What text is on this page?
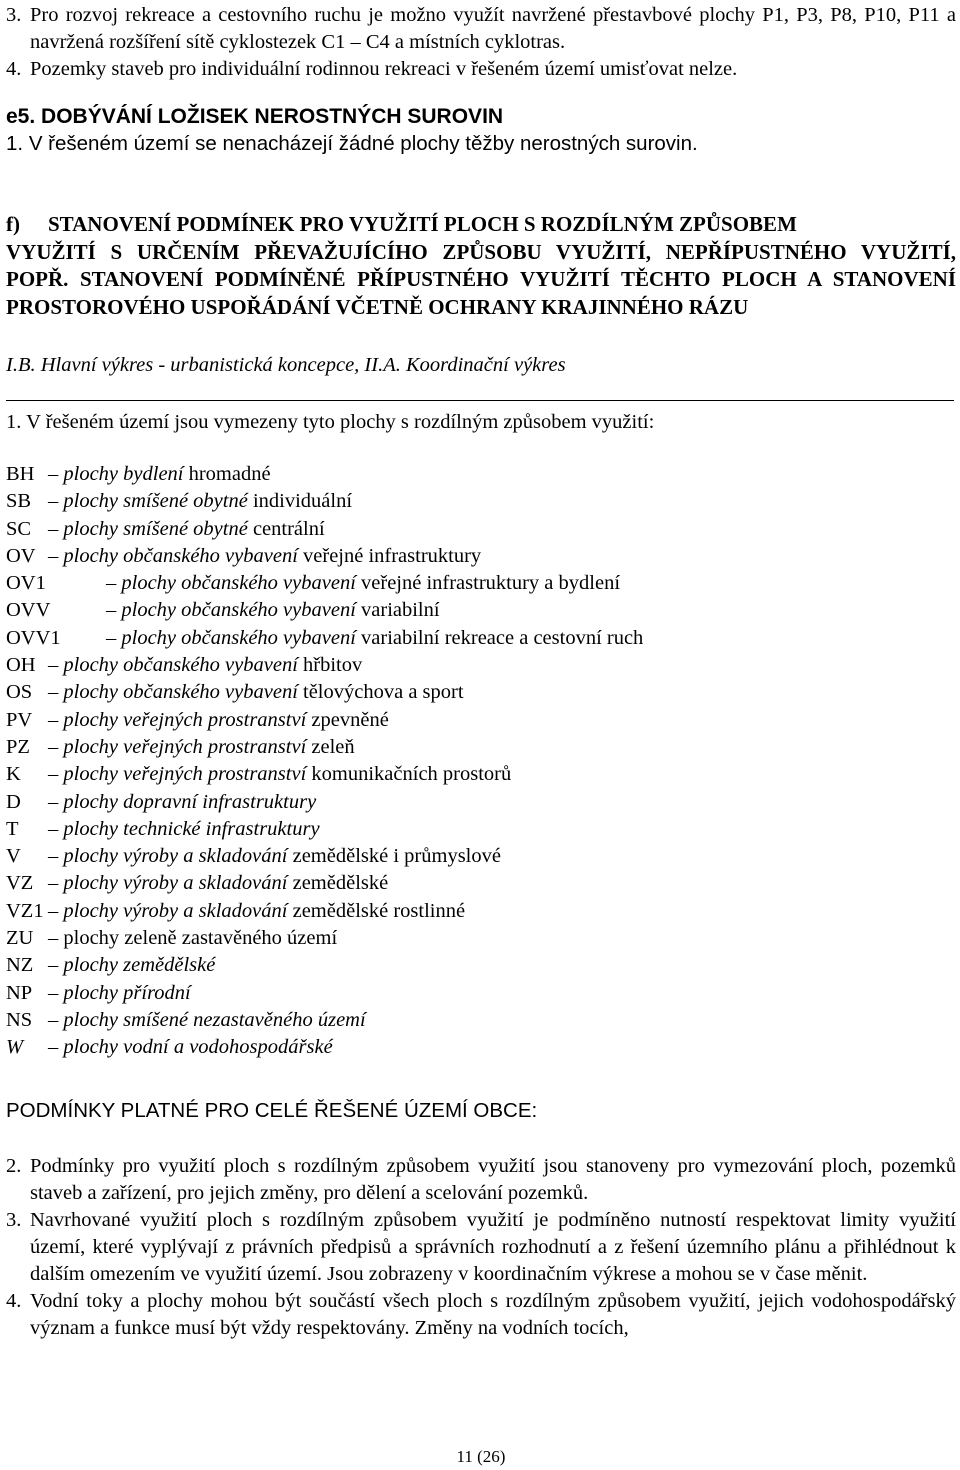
3. Pro rozvoj rekreace a cestovního ruchu je možno využít navržené přestavbové plochy P1, P3, P8, P10, P11 a navržená rozšíření sítě cyklostezek C1 – C4 a místních cyklotras.
4. Pozemky staveb pro individuální rodinnou rekreaci v řešeném území umisťovat nelze.
e5. DOBÝVÁNÍ LOŽISEK NEROSTNÝCH SUROVIN
1. V řešeném území se nenacházejí žádné plochy těžby nerostných surovin.
f)	STANOVENÍ PODMÍNEK PRO VYUŽITÍ PLOCH S ROZDÍLNÝM ZPŮSOBEM
VYUŽITÍ S URČENÍM PŘEVAŽUJÍCÍHO ZPŮSOBU VYUŽITÍ, NEPŘÍPUSTNÉHO VYUŽITÍ, POPŘ. STANOVENÍ PODMÍNĚNÉ PŘÍPUSTNÉHO VYUŽITÍ TĚCHTO PLOCH A STANOVENÍ PROSTOROVÉHO USPOŘÁDÁNÍ VČETNĚ OCHRANY KRAJINNÉHO RÁZU
I.B. Hlavní výkres - urbanistická koncepce, II.A. Koordinační výkres
1. V řešeném území jsou vymezeny tyto plochy s rozdílným způsobem využití:
BH – plochy bydlení hromadné
SB – plochy smíšené obytné individuální
SC – plochy smíšené obytné centrální
OV – plochy občanského vybavení veřejné infrastruktury
OV1	– plochy občanského vybavení veřejné infrastruktury a bydlení
OVV	– plochy občanského vybavení variabilní
OVV1 – plochy občanského vybavení variabilní rekreace a cestovní ruch
OH – plochy občanského vybavení hřbitov
OS – plochy občanského vybavení tělovýchova a sport
PV – plochy veřejných prostranství zpevněné
PZ – plochy veřejných prostranství zeleň
K – plochy veřejných prostranství komunikačních prostorů
D – plochy dopravní infrastruktury
T – plochy technické infrastruktury
V – plochy výroby a skladování zemědělské i průmyslové
VZ – plochy výroby a skladování zemědělské
VZ1 – plochy výroby a skladování zemědělské rostlinné
ZU – plochy zeleně zastavěného území
NZ – plochy zemědělské
NP – plochy přírodní
NS – plochy smíšené nezastavěného území
W – plochy vodní a vodohospodářské
PODMÍNKY PLATNÉ PRO CELÉ ŘEŠENÉ ÚZEMÍ OBCE:
2. Podmínky pro využití ploch s rozdílným způsobem využití jsou stanoveny pro vymezování ploch, pozemků staveb a zařízení, pro jejich změny, pro dělení a scelování pozemků.
3. Navrhované využití ploch s rozdílným způsobem využití je podmíněno nutností respektovat limity využití území, které vyplývají z právních předpisů a správních rozhodnutí a z řešení územního plánu a přihlédnout k dalším omezením ve využití území. Jsou zobrazeny v koordinačním výkrese a mohou se v čase měnit.
4. Vodní toky a plochy mohou být součástí všech ploch s rozdílným způsobem využití, jejich vodohospodářský význam a funkce musí být vždy respektovány. Změny na vodních tocích,
11 (26)
